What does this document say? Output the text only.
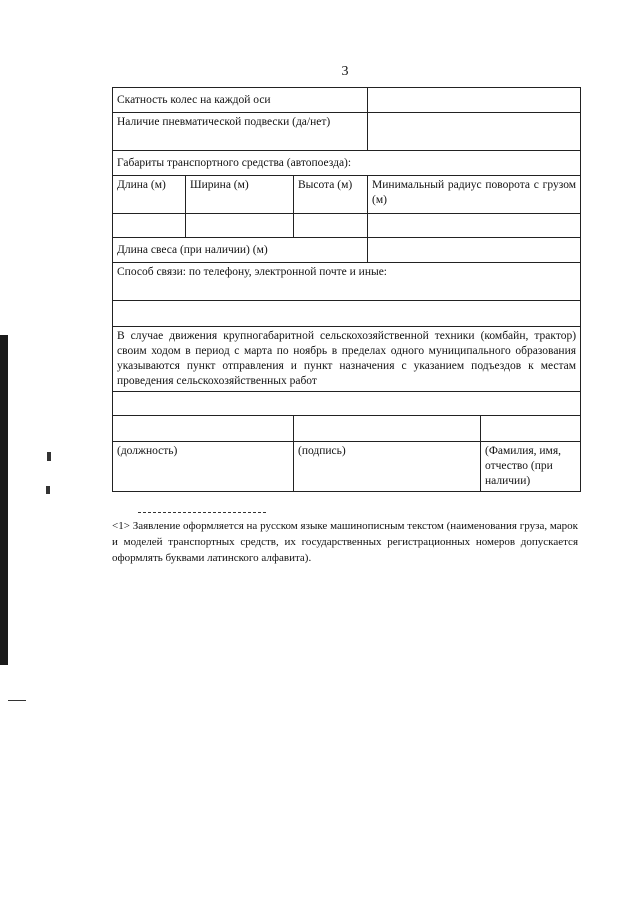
3
Скатность колес на каждой оси	
Наличие пневматической подвески (да/нет)	
Габариты транспортного средства (автопоезда):
Длина (м)	Ширина (м)	Высота (м)	Минимальный радиус поворота с грузом (м)

Длина свеса (при наличии) (м)	
Способ связи: по телефону, электронной почте и иные:

В случае движения крупногабаритной сельскохозяйственной техники (комбайн, трактор) своим ходом в период с марта по ноябрь в пределах одного муниципального образования указываются пункт отправления и пункт назначения с указанием подъездов к местам проведения сельскохозяйственных работ

(должность)		(подпись)	(Фамилия, имя, отчество (при наличии)
<1> Заявление оформляется на русском языке машинописным текстом (наименования груза, марок и моделей транспортных средств, их государственных регистрационных номеров допускается оформлять буквами латинского алфавита).
